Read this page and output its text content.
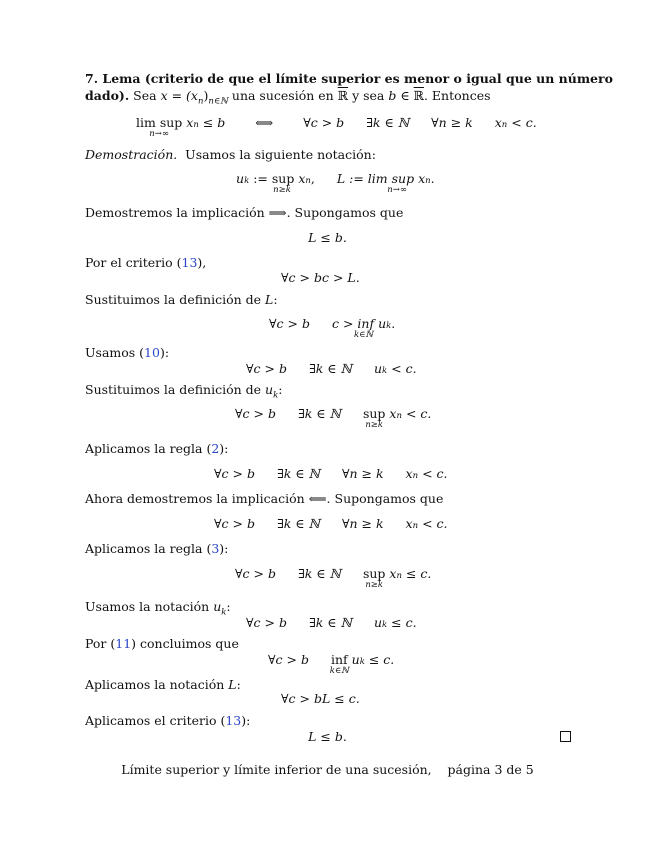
7. Lema (criterio de que el límite superior es menor o igual que un número
dado). Sea $x = (x_n)_{n\in ℕ}$ una sucesión en ℝ y sea b ∈ ℝ. Entonces
lim sup
n→∞

x n
≤ b ⟺ ∀c > b ∃k ∈ ℕ ∀n ≥ k x n
< c.
Demostración. Usamos la siguiente notación:
u k
:= sup
n≥k

x n , L := lim sup
n→∞

x n .
Demostremos la implicación ⟹. Supongamos que
L ≤ b.
Por el criterio (13),
∀c > bc > L.
Sustituimos la definición de L:
∀c > b c > inf
k∈ℕ

u k .
Usamos (10):
∀c > b ∃k ∈ ℕ u k
< c.
Sustituimos la definición de $u_k$:
∀c > b ∃k ∈ ℕ sup
n≥k

x n
< c.
Aplicamos la regla (2):
∀c > b ∃k ∈ ℕ ∀n ≥ k x n
< c.
Ahora demostremos la implicación ⟸. Supongamos que
∀c > b ∃k ∈ ℕ ∀n ≥ k x n
< c.
Aplicamos la regla (3):
∀c > b ∃k ∈ ℕ sup
n≥k

x n
≤ c.
Usamos la notación $u_k$:
∀c > b ∃k ∈ ℕ u k
≤ c.
Por (11) concluimos que
∀c > b inf
k∈ℕ

u k
≤ c.
Aplicamos la notación L:
∀c > bL ≤ c.
Aplicamos el criterio (13):
L ≤ b.
Límite superior y límite inferior de una sucesión,    página 3 de 5
